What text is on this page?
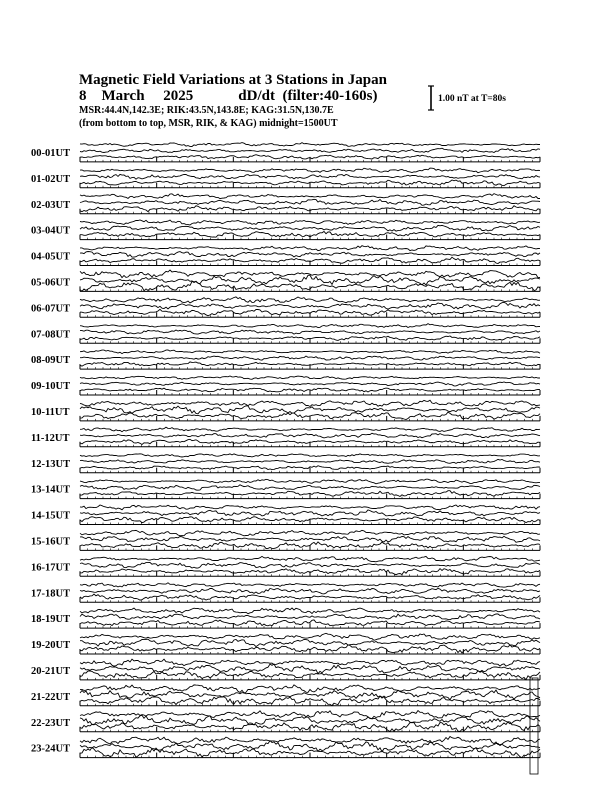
Magnetic Field Variations at 3 Stations in Japan
8    March     2025            dD/dt  (filter:40-160s)
MSR:44.4N,142.3E; RIK:43.5N,143.8E; KAG:31.5N,130.7E
(from bottom to top, MSR, RIK, & KAG) midnight=1500UT
1.00 nT at T=80s
00-01UT
01-02UT
02-03UT
03-04UT
04-05UT
05-06UT
06-07UT
07-08UT
08-09UT
09-10UT
10-11UT
11-12UT
12-13UT
13-14UT
14-15UT
15-16UT
16-17UT
17-18UT
18-19UT
19-20UT
20-21UT
21-22UT
22-23UT
23-24UT
